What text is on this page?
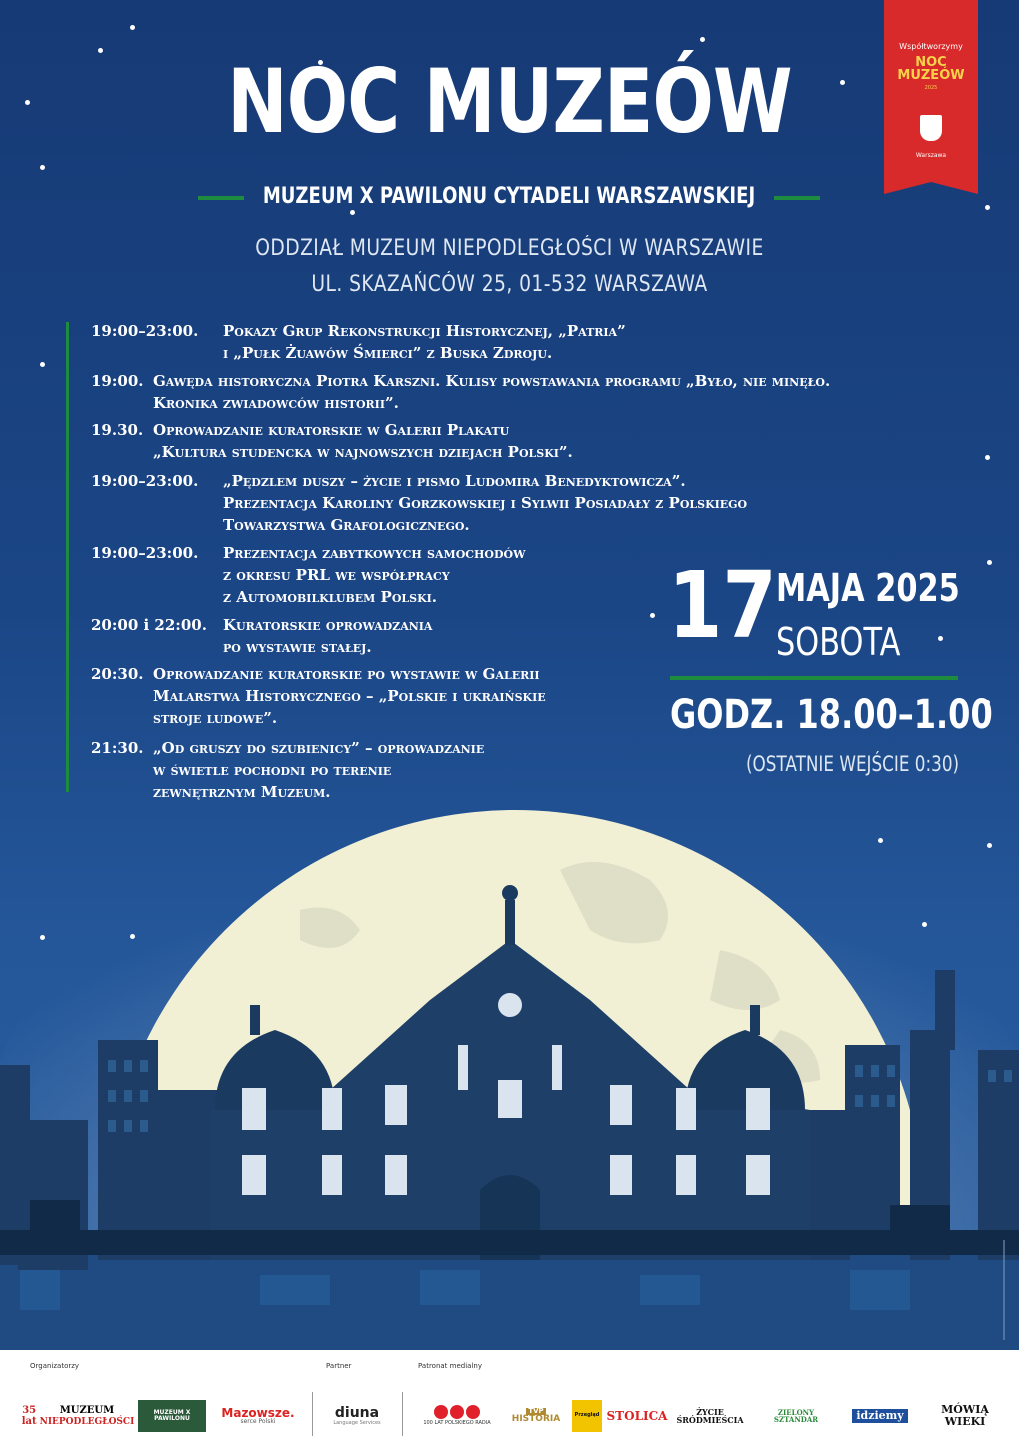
NOC MUZEÓW
MUZEUM X PAWILONU CYTADELI WARSZAWSKIEJ
ODDZIAŁ MUZEUM NIEPODLEGŁOŚCI W WARSZAWIE
UL. SKAZAŃCÓW 25, 01-532 WARSZAWA
Współtworzymy
NOC
MUZEÓW
2025
Warszawa
19:00–23:00. Pokazy Grup Rekonstrukcji Historycznej, „Patria”
i „Pułk Żuawów Śmierci” z Buska Zdroju.
19:00. Gawęda historyczna Piotra Karszni. Kulisy powstawania programu „Było, nie minęło.
Kronika zwiadowców historii”.
19.30. Oprowadzanie kuratorskie w Galerii Plakatu
„Kultura studencka w najnowszych dziejach Polski”.
19:00–23:00. „Pędzlem duszy – życie i pismo Ludomira Benedyktowicza”.
Prezentacja Karoliny Gorzkowskiej i Sylwii Posiadały z Polskiego
Towarzystwa Grafologicznego.
19:00–23:00. Prezentacja zabytkowych samochodów
z okresu PRL we współpracy
z Automobilklubem Polski.
20:00 i 22:00. Kuratorskie oprowadzania
po wystawie stałej.
20:30. Oprowadzanie kuratorskie po wystawie w Galerii
Malarstwa Historycznego – „Polskie i ukraińskie
stroje ludowe”.
21:30. „Od gruszy do szubienicy” – oprowadzanie
w świetle pochodni po terenie
zewnętrznym Muzeum.
17 MAJA 2025
SOBOTA
GODZ. 18.00–1.00
(OSTATNIE WEJŚCIE 0:30)
Organizatorzy	Partner	Patronat medialny
35
lat
MUZEUM
NIEPODLEGŁOŚCI
MUZEUM X PAWILONU	Mazowsze.
serce Polski
diuna
Language Services	100 LAT POLSKIEGO RADIA
TVP
HISTORIA	Przegląd STOLICA	ŻYCIE ŚRÓDMIEŚCIA
ZIELONY SZTANDAR	idziemy	MÓWIĄ WIEKI
